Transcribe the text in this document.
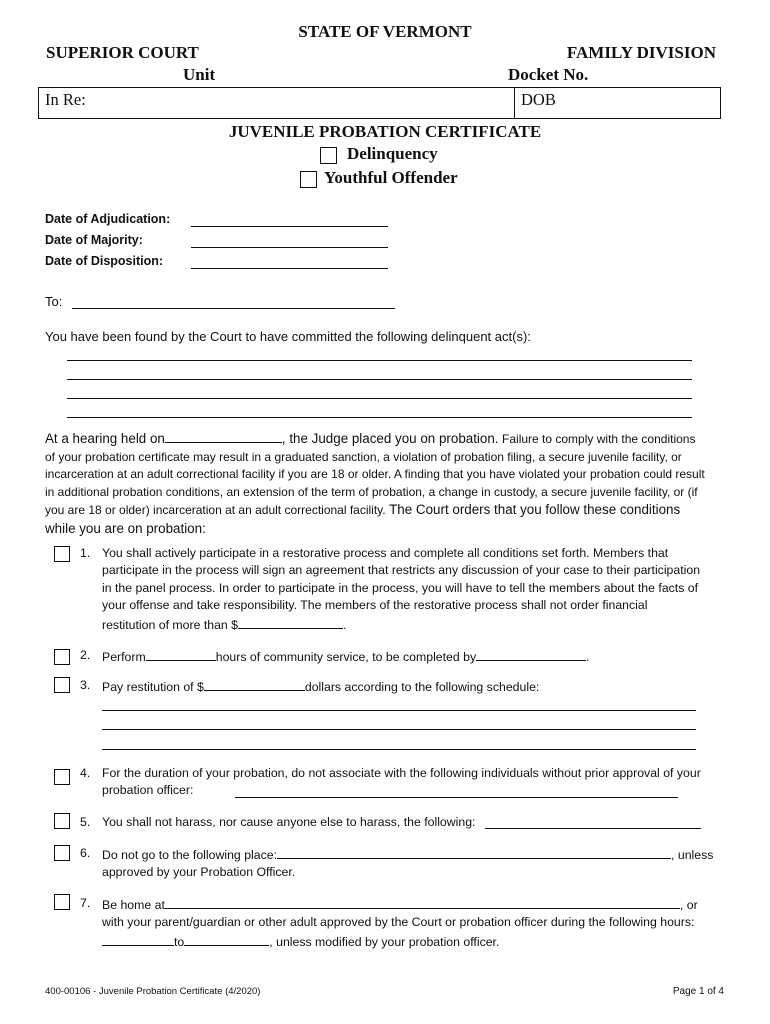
STATE OF VERMONT
SUPERIOR COURT	FAMILY DIVISION
Unit	Docket No.
In Re:	DOB
JUVENILE PROBATION CERTIFICATE
Delinquency
Youthful Offender
Date of Adjudication:
Date of Majority:
Date of Disposition:
To:
You have been found by the Court to have committed the following delinquent act(s):
At a hearing held on	, the Judge placed you on probation. Failure to comply with the conditions of your probation certificate may result in a graduated sanction, a violation of probation filing, a secure juvenile facility, or incarceration at an adult correctional facility if you are 18 or older. A finding that you have violated your probation could result in additional probation conditions, an extension of the term of probation, a change in custody, a secure juvenile facility, or (if you are 18 or older) incarceration at an adult correctional facility. The Court orders that you follow these conditions while you are on probation:
1. You shall actively participate in a restorative process and complete all conditions set forth. Members that participate in the process will sign an agreement that restricts any discussion of your case to their participation in the panel process. In order to participate in the process, you will have to tell the members about the facts of your offense and take responsibility. The members of the restorative process shall not order financial restitution of more than $	.
2. Perform	hours of community service, to be completed by	.
3. Pay restitution of $	dollars according to the following schedule:
4. For the duration of your probation, do not associate with the following individuals without prior approval of your probation officer:
5. You shall not harass, nor cause anyone else to harass, the following:
6. Do not go to the following place:	, unless approved by your Probation Officer.
7. Be home at	, or with your parent/guardian or other adult approved by the Court or probation officer during the following hours:to	, unless modified by your probation officer.
400-00106 - Juvenile Probation Certificate (4/2020)	Page 1 of 4
